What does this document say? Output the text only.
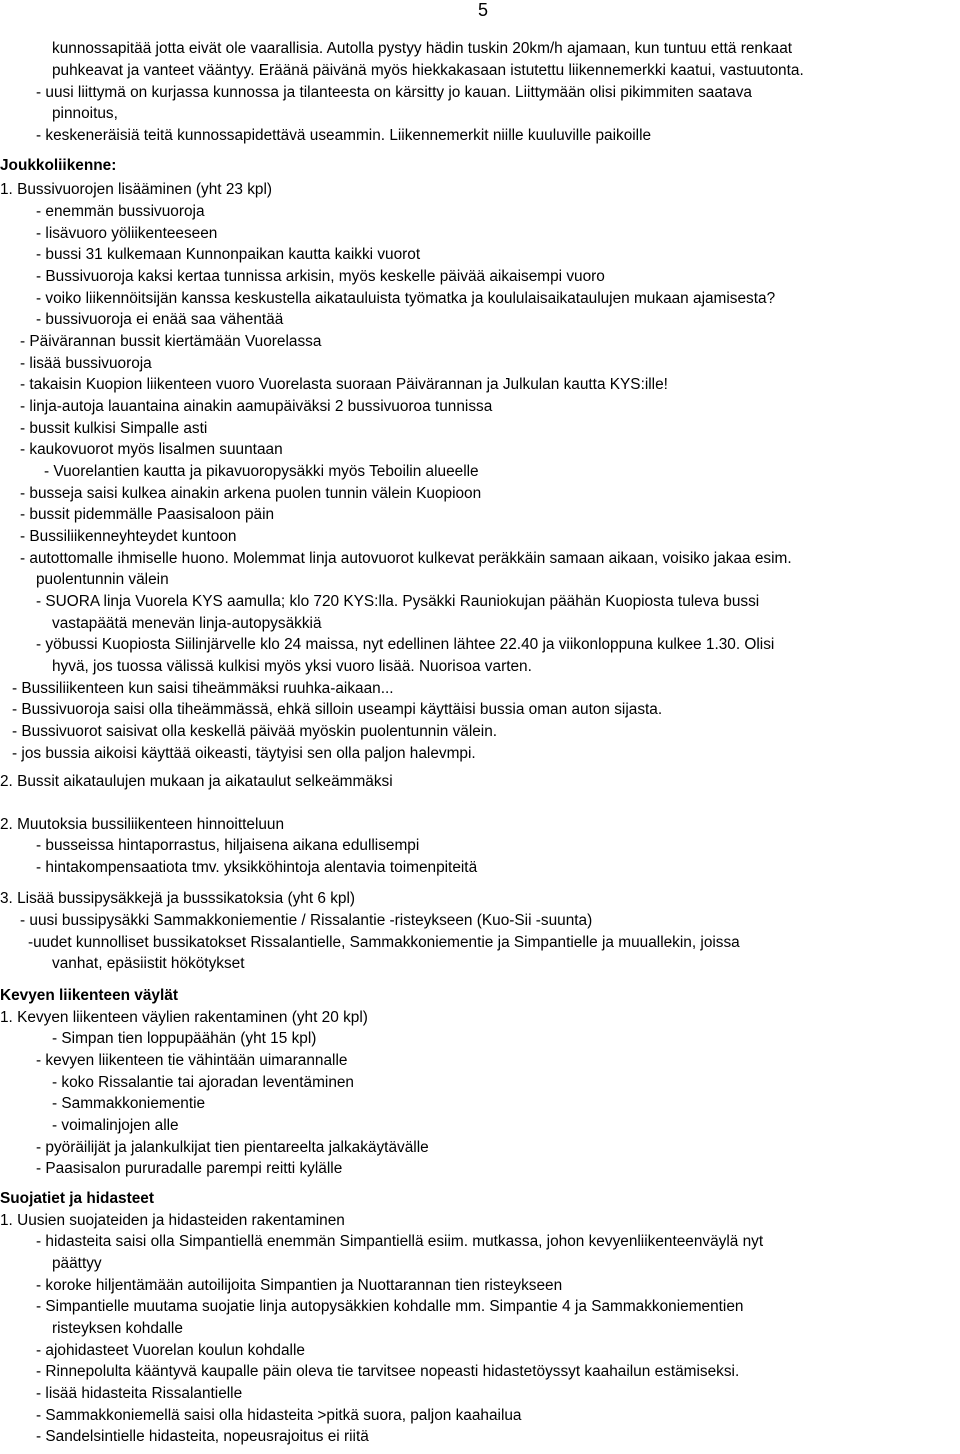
5
kunnossapitää jotta eivät ole vaarallisia. Autolla pystyy hädin tuskin 20km/h ajamaan, kun tuntuu että renkaat
puhkeavat ja vanteet vääntyy. Eräänä päivänä myös hiekkakasaan istutettu liikennemerkki kaatui, vastuutonta.
- uusi liittymä on kurjassa kunnossa ja tilanteesta on kärsitty jo kauan. Liittymään olisi pikimmiten saatava
pinnoitus,
- keskeneräisiä teitä kunnossapidettävä useammin. Liikennemerkit niille kuuluville paikoille
Joukkoliikenne:
1. Bussivuorojen lisääminen (yht 23 kpl)
- enemmän bussivuoroja
- lisävuoro yöliikenteeseen
- bussi 31 kulkemaan Kunnonpaikan kautta kaikki vuorot
- Bussivuoroja kaksi kertaa tunnissa arkisin, myös keskelle päivää aikaisempi vuoro
- voiko liikennöitsijän kanssa keskustella aikatauluista työmatka ja koululaisaikataulujen mukaan ajamisesta?
- bussivuoroja ei enää saa vähentää
- Päivärannan bussit kiertämään Vuorelassa
- lisää bussivuoroja
- takaisin Kuopion liikenteen vuoro Vuorelasta suoraan Päivärannan ja Julkulan kautta KYS:ille!
- linja-autoja lauantaina ainakin aamupäiväksi 2 bussivuoroa tunnissa
- bussit kulkisi Simpalle asti
- kaukovuorot myös lisalmen suuntaan
- Vuorelantien kautta ja pikavuoropysäkki myös Teboilin alueelle
- busseja saisi kulkea ainakin arkena puolen tunnin välein Kuopioon
- bussit pidemmälle Paasisaloon päin
- Bussiliikenneyhteydet kuntoon
- autottomalle ihmiselle huono. Molemmat linja autovuorot kulkevat peräkkäin samaan aikaan, voisiko jakaa esim.
puolentunnin välein
- SUORA linja Vuorela KYS aamulla; klo 720 KYS:lla. Pysäkki Rauniokujan päähän Kuopiosta tuleva bussi
vastapäätä menevän linja-autopysäkkiä
- yöbussi Kuopiosta Siilinjärvelle klo 24 maissa, nyt edellinen lähtee 22.40 ja viikonloppuna kulkee 1.30. Olisi
hyvä, jos tuossa välissä kulkisi myös yksi vuoro lisää. Nuorisoa varten.
- Bussiliikenteen kun saisi tiheämmäksi ruuhka-aikaan...
- Bussivuoroja saisi olla tiheämmässä, ehkä silloin useampi käyttäisi bussia oman auton sijasta.
- Bussivuorot saisivat olla keskellä päivää myöskin puolentunnin välein.
- jos bussia aikoisi käyttää oikeasti, täytyisi sen olla paljon halevmpi.
2. Bussit aikataulujen mukaan ja aikataulut selkeämmäksi
2. Muutoksia bussiliikenteen hinnoitteluun
- busseissa hintaporrastus, hiljaisena aikana edullisempi
- hintakompensaatiota tmv. yksikköhintoja alentavia toimenpiteitä
3. Lisää bussipysäkkejä ja busssikatoksia (yht 6 kpl)
- uusi bussipysäkki Sammakkoniementie / Rissalantie -risteykseen (Kuo-Sii -suunta)
-uudet kunnolliset bussikatokset Rissalantielle, Sammakkoniementie ja Simpantielle ja muuallekin, joissa
vanhat, epäsiistit hökötykset
Kevyen liikenteen väylät
1. Kevyen liikenteen väylien rakentaminen (yht 20 kpl)
- Simpan tien loppupäähän (yht 15 kpl)
- kevyen liikenteen tie vähintään uimarannalle
- koko Rissalantie tai ajoradan leventäminen
- Sammakkoniementie
- voimalinjojen alle
- pyöräilijät ja jalankulkijat tien pientareelta jalkakäytävälle
- Paasisalon pururadalle parempi reitti kylälle
Suojatiet ja hidasteet
1. Uusien suojateiden ja hidasteiden rakentaminen
- hidasteita saisi olla Simpantiellä enemmän Simpantiellä esiim. mutkassa, johon kevyenliikenteenväylä nyt
päättyy
- koroke hiljentämään autoilijoita Simpantien ja Nuottarannan tien risteykseen
- Simpantielle muutama suojatie linja autopysäkkien kohdalle mm. Simpantie 4 ja Sammakkoniementien
risteyksen kohdalle
- ajohidasteet Vuorelan koulun kohdalle
- Rinnepolulta kääntyvä kaupalle päin oleva tie tarvitsee nopeasti hidastetöyssyt kaahailun estämiseksi.
- lisää hidasteita Rissalantielle
- Sammakkoniemellä saisi olla hidasteita >pitkä suora, paljon kaahailua
- Sandelsintielle hidasteita, nopeusrajoitus ei riitä
